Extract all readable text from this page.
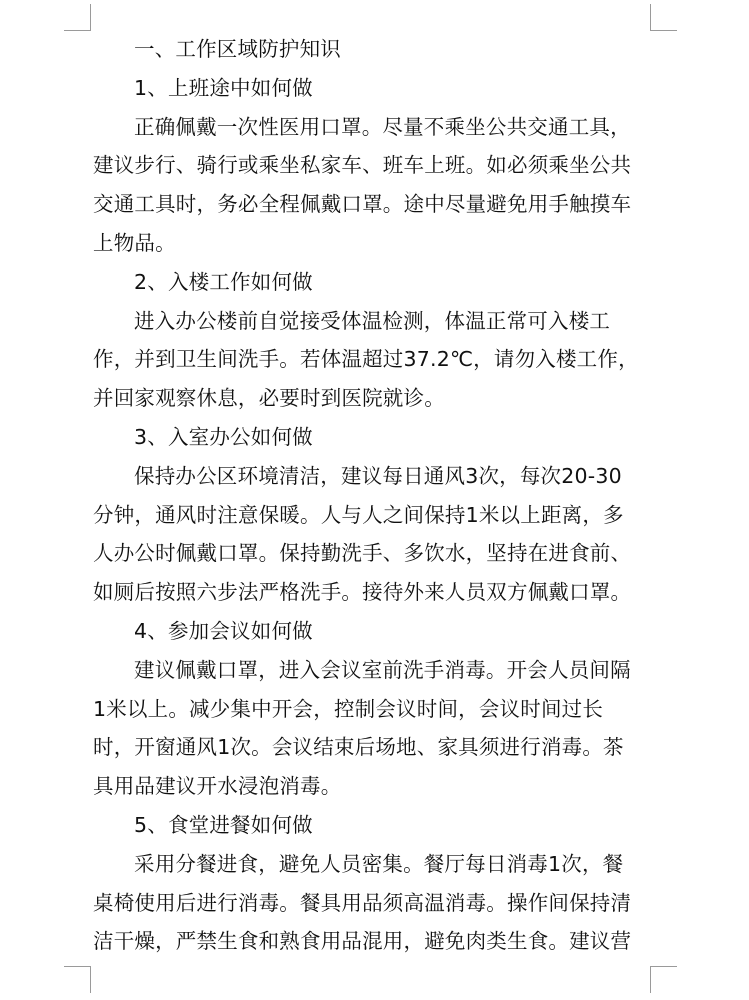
一、工作区域防护知识
1、上班途中如何做
正确佩戴一次性医用口罩。尽量不乘坐公共交通工具，
建议步行、骑行或乘坐私家车、班车上班。如必须乘坐公共
交通工具时，务必全程佩戴口罩。途中尽量避免用手触摸车
上物品。
2、入楼工作如何做
进入办公楼前自觉接受体温检测，体温正常可入楼工
作，并到卫生间洗手。若体温超过37.2℃，请勿入楼工作，
并回家观察休息，必要时到医院就诊。
3、入室办公如何做
保持办公区环境清洁，建议每日通风3次，每次20-30
分钟，通风时注意保暖。人与人之间保持1米以上距离，多
人办公时佩戴口罩。保持勤洗手、多饮水，坚持在进食前、
如厕后按照六步法严格洗手。接待外来人员双方佩戴口罩。
4、参加会议如何做
建议佩戴口罩，进入会议室前洗手消毒。开会人员间隔
1米以上。减少集中开会，控制会议时间，会议时间过长
时，开窗通风1次。会议结束后场地、家具须进行消毒。茶
具用品建议开水浸泡消毒。
5、食堂进餐如何做
采用分餐进食，避免人员密集。餐厅每日消毒1次，餐
桌椅使用后进行消毒。餐具用品须高温消毒。操作间保持清
洁干燥，严禁生食和熟食用品混用，避免肉类生食。建议营
